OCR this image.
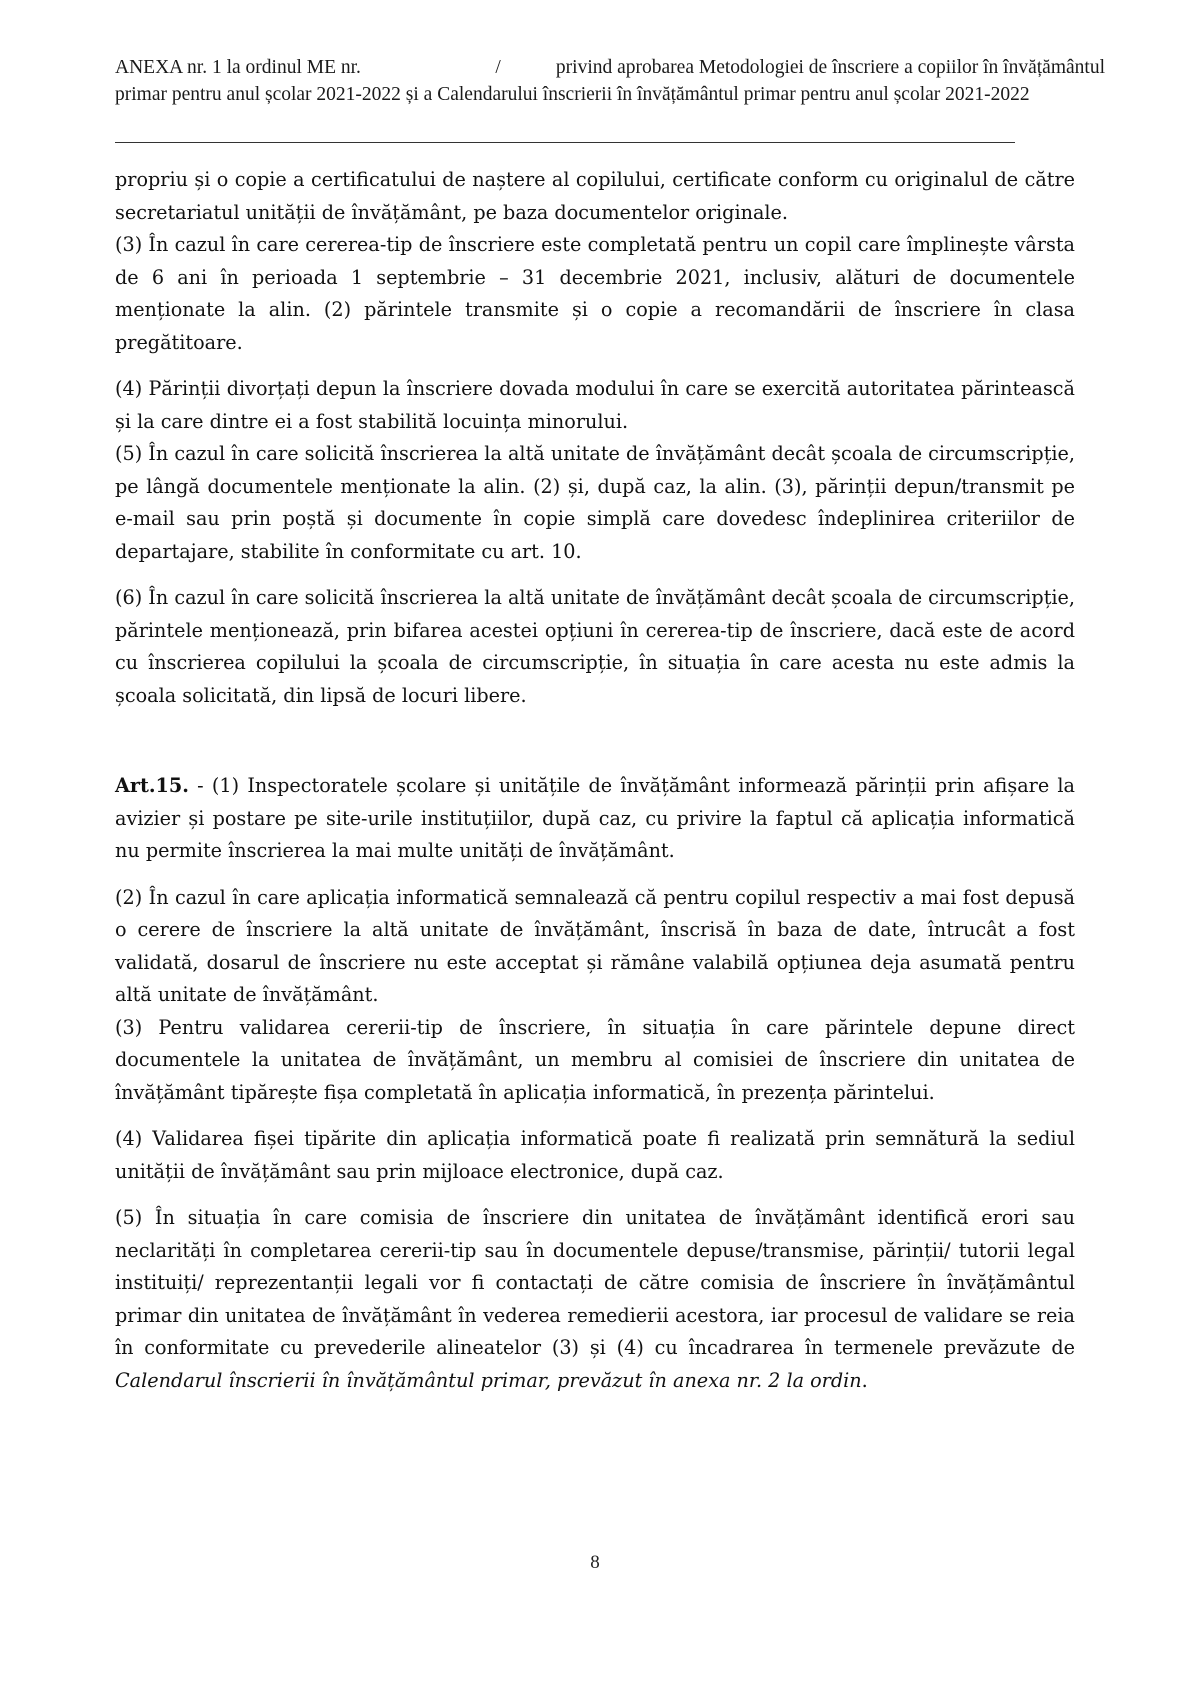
ANEXA nr. 1 la ordinul ME nr.	/	privind aprobarea Metodologiei de înscriere a copiilor în învățământul
primar pentru anul școlar 2021-2022 și a Calendarului înscrierii în învățământul primar pentru anul școlar 2021-2022

propriu și o copie a certificatului de naștere al copilului, certificate conform cu originalul de către secretariatul unității de învățământ, pe baza documentelor originale.

(3) În cazul în care cererea-tip de înscriere este completată pentru un copil care împlinește vârsta de 6 ani în perioada 1 septembrie – 31 decembrie 2021, inclusiv, alături de documentele menționate la alin. (2) părintele transmite și o copie a recomandării de înscriere în clasa pregătitoare.

(4) Părinții divorțați depun la înscriere dovada modului în care se exercită autoritatea părintească și la care dintre ei a fost stabilită locuința minorului.

(5) În cazul în care solicită înscrierea la altă unitate de învățământ decât școala de circumscripție, pe lângă documentele menționate la alin. (2) și, după caz, la alin. (3), părinții depun/transmit pe e-mail sau prin poștă și documente în copie simplă care dovedesc îndeplinirea criteriilor de departajare, stabilite în conformitate cu art. 10.

(6) În cazul în care solicită înscrierea la altă unitate de învățământ decât școala de circumscripție, părintele menționează, prin bifarea acestei opțiuni în cererea-tip de înscriere, dacă este de acord cu înscrierea copilului la școala de circumscripție, în situația în care acesta nu este admis la școala solicitată, din lipsă de locuri libere.

Art.15. - (1) Inspectoratele școlare și unitățile de învățământ informează părinții prin afișare la avizier și postare pe site-urile instituțiilor, după caz, cu privire la faptul că aplicația informatică nu permite înscrierea la mai multe unități de învățământ.

(2) În cazul în care aplicația informatică semnalează că pentru copilul respectiv a mai fost depusă o cerere de înscriere la altă unitate de învățământ, înscrisă în baza de date, întrucât a fost validată, dosarul de înscriere nu este acceptat și rămâne valabilă opțiunea deja asumată pentru altă unitate de învățământ.

(3) Pentru validarea cererii-tip de înscriere, în situația în care părintele depune direct documentele la unitatea de învățământ, un membru al comisiei de înscriere din unitatea de învățământ tipărește fișa completată în aplicația informatică, în prezența părintelui.

(4) Validarea fișei tipărite din aplicația informatică poate fi realizată prin semnătură la sediul unității de învățământ sau prin mijloace electronice, după caz.

(5) În situația în care comisia de înscriere din unitatea de învățământ identifică erori sau neclarități în completarea cererii-tip sau în documentele depuse/transmise, părinții/ tutorii legal instituiți/ reprezentanții legali vor fi contactați de către comisia de înscriere în învățământul primar din unitatea de învățământ în vederea remedierii acestora, iar procesul de validare se reia în conformitate cu prevederile alineatelor (3) și (4) cu încadrarea în termenele prevăzute de Calendarul înscrierii în învățământul primar, prevăzut în anexa nr. 2 la ordin.

8
